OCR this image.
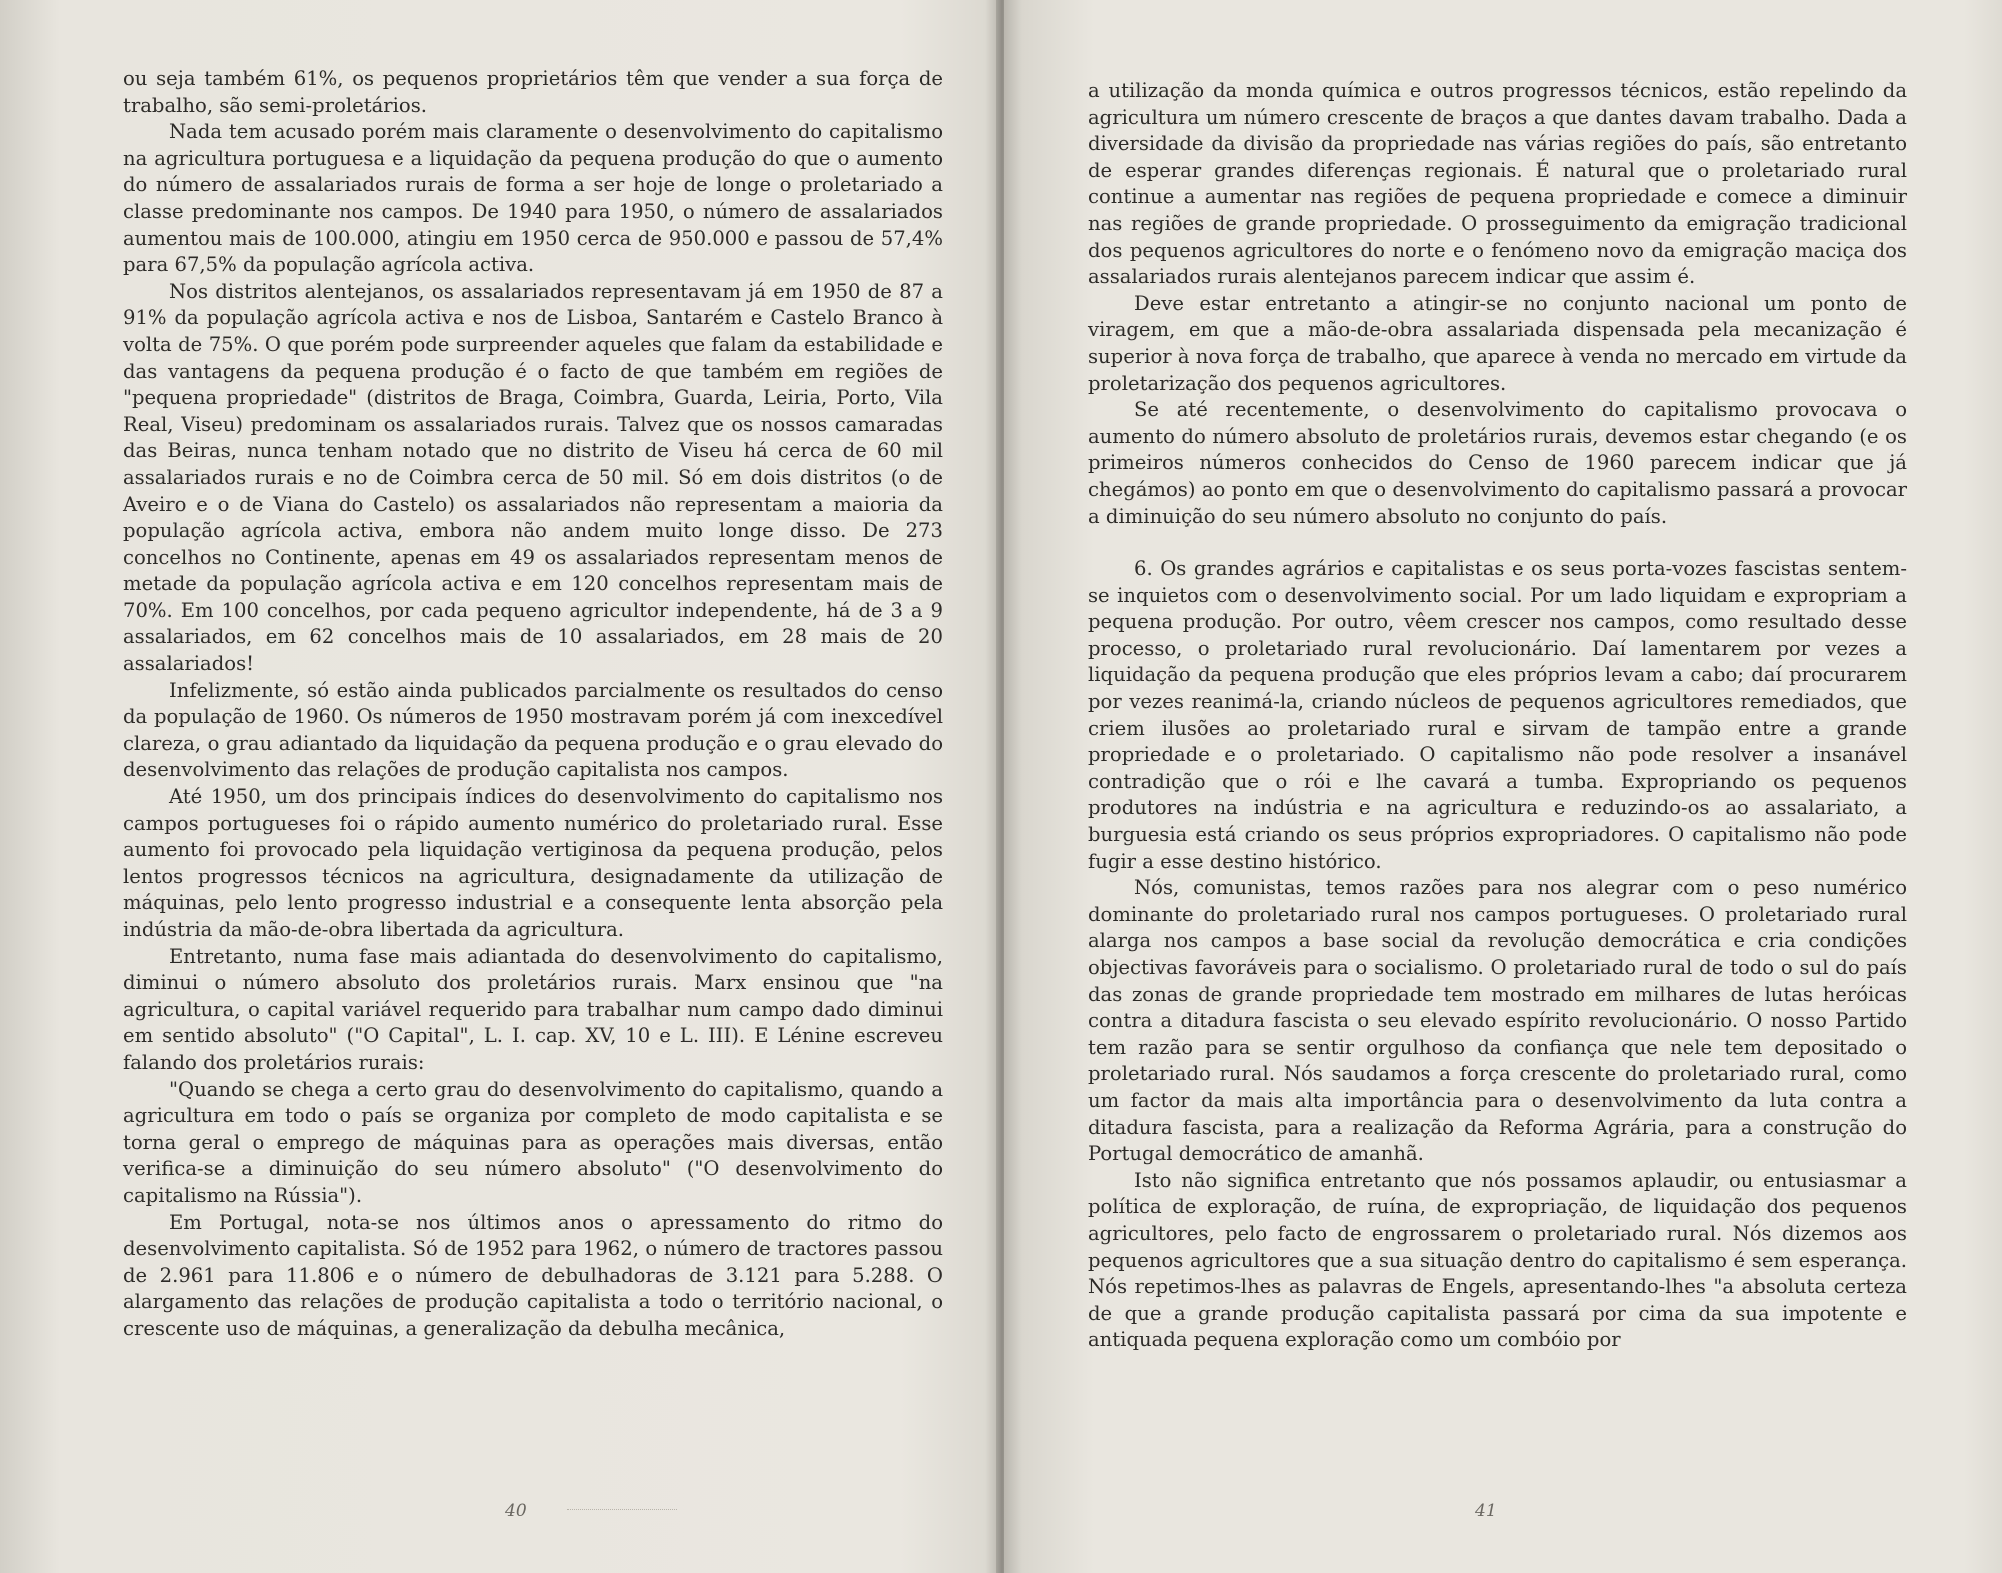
ou seja também 61%, os pequenos proprietários têm que vender a sua força de trabalho, são semi-proletários.

Nada tem acusado porém mais claramente o desenvolvimento do capitalismo na agricultura portuguesa e a liquidação da pequena produção do que o aumento do número de assalariados rurais de forma a ser hoje de longe o proletariado a classe predominante nos campos. De 1940 para 1950, o número de assalariados aumentou mais de 100.000, atingiu em 1950 cerca de 950.000 e passou de 57,4% para 67,5% da população agrícola activa.

Nos distritos alentejanos, os assalariados representavam já em 1950 de 87 a 91% da população agrícola activa e nos de Lisboa, Santarém e Castelo Branco à volta de 75%. O que porém pode surpreender aqueles que falam da estabilidade e das vantagens da pequena produção é o facto de que também em regiões de "pequena propriedade" (distritos de Braga, Coimbra, Guarda, Leiria, Porto, Vila Real, Viseu) predominam os assalariados rurais. Talvez que os nossos camaradas das Beiras, nunca tenham notado que no distrito de Viseu há cerca de 60 mil assalariados rurais e no de Coimbra cerca de 50 mil. Só em dois distritos (o de Aveiro e o de Viana do Castelo) os assalariados não representam a maioria da população agrícola activa, embora não andem muito longe disso. De 273 concelhos no Continente, apenas em 49 os assalariados representam menos de metade da população agrícola activa e em 120 concelhos representam mais de 70%. Em 100 concelhos, por cada pequeno agricultor independente, há de 3 a 9 assalariados, em 62 concelhos mais de 10 assalariados, em 28 mais de 20 assalariados!

Infelizmente, só estão ainda publicados parcialmente os resultados do censo da população de 1960. Os números de 1950 mostravam porém já com inexcedível clareza, o grau adiantado da liquidação da pequena produção e o grau elevado do desenvolvimento das relações de produção capitalista nos campos.

Até 1950, um dos principais índices do desenvolvimento do capitalismo nos campos portugueses foi o rápido aumento numérico do proletariado rural. Esse aumento foi provocado pela liquidação vertiginosa da pequena produção, pelos lentos progressos técnicos na agricultura, designadamente da utilização de máquinas, pelo lento progresso industrial e a consequente lenta absorção pela indústria da mão-de-obra libertada da agricultura.

Entretanto, numa fase mais adiantada do desenvolvimento do capitalismo, diminui o número absoluto dos proletários rurais. Marx ensinou que "na agricultura, o capital variável requerido para trabalhar num campo dado diminui em sentido absoluto" ("O Capital", L. I. cap. XV, 10 e L. III). E Lénine escreveu falando dos proletários rurais:

"Quando se chega a certo grau do desenvolvimento do capitalismo, quando a agricultura em todo o país se organiza por completo de modo capitalista e se torna geral o emprego de máquinas para as operações mais diversas, então verifica-se a diminuição do seu número absoluto" ("O desenvolvimento do capitalismo na Rússia").

Em Portugal, nota-se nos últimos anos o apressamento do ritmo do desenvolvimento capitalista. Só de 1952 para 1962, o número de tractores passou de 2.961 para 11.806 e o número de debulhadoras de 3.121 para 5.288. O alargamento das relações de produção capitalista a todo o território nacional, o crescente uso de máquinas, a generalização da debulha mecânica,

40

a utilização da monda química e outros progressos técnicos, estão repelindo da agricultura um número crescente de braços a que dantes davam trabalho. Dada a diversidade da divisão da propriedade nas várias regiões do país, são entretanto de esperar grandes diferenças regionais. É natural que o proletariado rural continue a aumentar nas regiões de pequena propriedade e comece a diminuir nas regiões de grande propriedade. O prosseguimento da emigração tradicional dos pequenos agricultores do norte e o fenómeno novo da emigração maciça dos assalariados rurais alentejanos parecem indicar que assim é.

Deve estar entretanto a atingir-se no conjunto nacional um ponto de viragem, em que a mão-de-obra assalariada dispensada pela mecanização é superior à nova força de trabalho, que aparece à venda no mercado em virtude da proletarização dos pequenos agricultores.

Se até recentemente, o desenvolvimento do capitalismo provocava o aumento do número absoluto de proletários rurais, devemos estar chegando (e os primeiros números conhecidos do Censo de 1960 parecem indicar que já chegámos) ao ponto em que o desenvolvimento do capitalismo passará a provocar a diminuição do seu número absoluto no conjunto do país.

6. Os grandes agrários e capitalistas e os seus porta-vozes fascistas sentem-se inquietos com o desenvolvimento social. Por um lado liquidam e expropriam a pequena produção. Por outro, vêem crescer nos campos, como resultado desse processo, o proletariado rural revolucionário. Daí lamentarem por vezes a liquidação da pequena produção que eles próprios levam a cabo; daí procurarem por vezes reanimá-la, criando núcleos de pequenos agricultores remediados, que criem ilusões ao proletariado rural e sirvam de tampão entre a grande propriedade e o proletariado. O capitalismo não pode resolver a insanável contradição que o rói e lhe cavará a tumba. Expropriando os pequenos produtores na indústria e na agricultura e reduzindo-os ao assalariato, a burguesia está criando os seus próprios expropriadores. O capitalismo não pode fugir a esse destino histórico.

Nós, comunistas, temos razões para nos alegrar com o peso numérico dominante do proletariado rural nos campos portugueses. O proletariado rural alarga nos campos a base social da revolução democrática e cria condições objectivas favoráveis para o socialismo. O proletariado rural de todo o sul do país das zonas de grande propriedade tem mostrado em milhares de lutas heróicas contra a ditadura fascista o seu elevado espírito revolucionário. O nosso Partido tem razão para se sentir orgulhoso da confiança que nele tem depositado o proletariado rural. Nós saudamos a força crescente do proletariado rural, como um factor da mais alta importância para o desenvolvimento da luta contra a ditadura fascista, para a realização da Reforma Agrária, para a construção do Portugal democrático de amanhã.

Isto não significa entretanto que nós possamos aplaudir, ou entusiasmar a política de exploração, de ruína, de expropriação, de liquidação dos pequenos agricultores, pelo facto de engrossarem o proletariado rural. Nós dizemos aos pequenos agricultores que a sua situação dentro do capitalismo é sem esperança. Nós repetimos-lhes as palavras de Engels, apresentando-lhes "a absoluta certeza de que a grande produção capitalista passará por cima da sua impotente e antiquada pequena exploração como um combóio por

41
